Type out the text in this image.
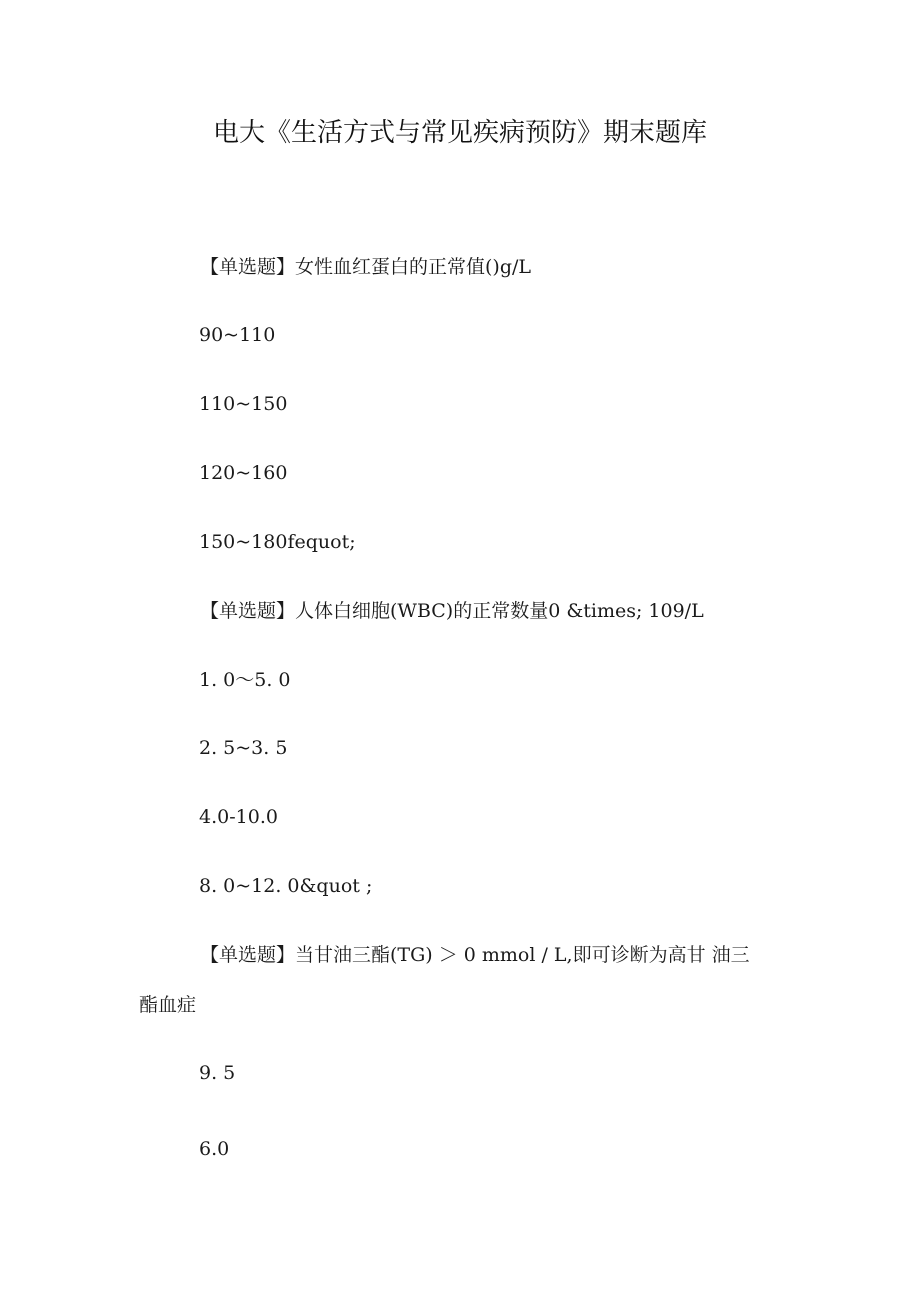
电大《生活方式与常见疾病预防》期末题库
【单选题】女性血红蛋白的正常值()g/L
90~110
110~150
120~160
150~180fequot;
【单选题】人体白细胞(WBC)的正常数量0 &times; 109/L
1. 0～5. 0
2. 5~3. 5
4.0-10.0
8. 0~12. 0&quot ;
【单选题】当甘油三酯(TG) ＞ 0 mmol / L,即可诊断为高甘 油三
酯血症
9. 5
6.0
